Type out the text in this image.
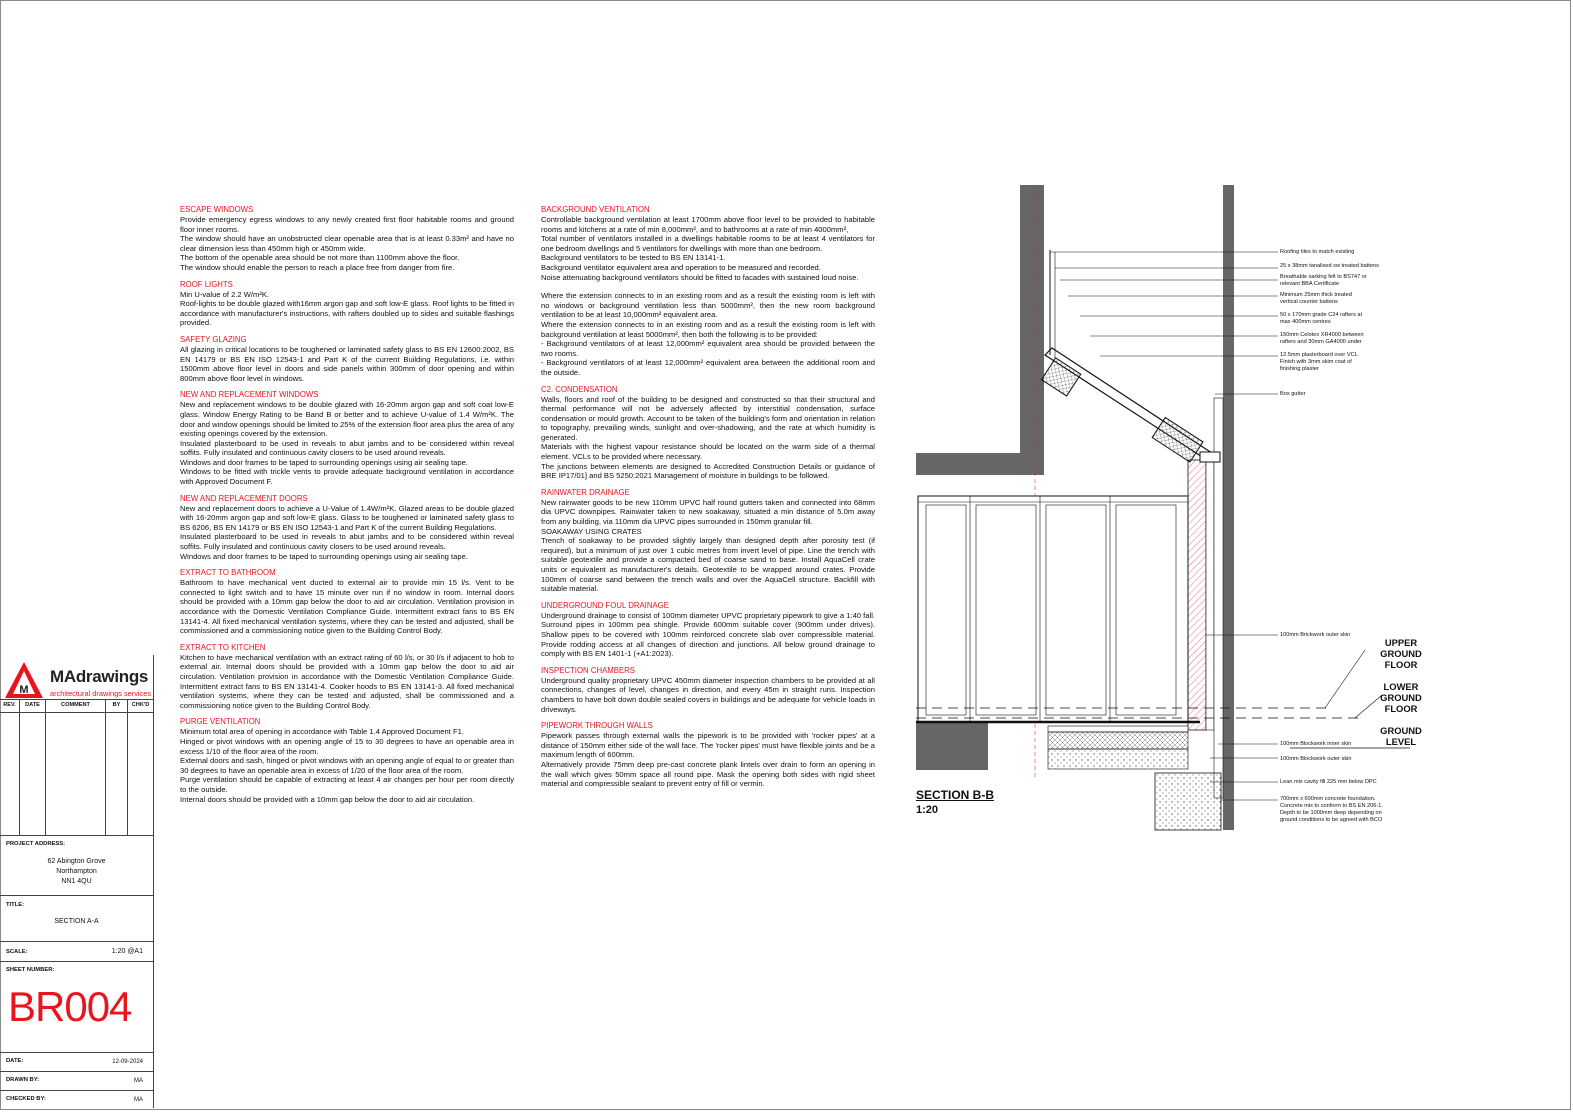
ESCAPE WINDOWS

Provide emergency egress windows to any newly created first floor habitable rooms and ground floor inner rooms.

The window should have an unobstructed clear openable area that is at least 0.33m² and have no clear dimension less than 450mm high or 450mm wide.

The bottom of the openable area should be not more than 1100mm above the floor.

The window should enable the person to reach a place free from danger from fire.

ROOF LIGHTS

Min U-value of 2.2 W/m²K.

Roof-lights to be double glazed with16mm argon gap and soft low-E glass. Roof lights to be fitted in accordance with manufacturer's instructions, with rafters doubled up to sides and suitable flashings provided.

SAFETY GLAZING

All glazing in critical locations to be toughened or laminated safety glass to BS EN 12600:2002, BS EN 14179 or BS EN ISO 12543-1 and Part K of the current Building Regulations, i.e. within 1500mm above floor level in doors and side panels within 300mm of door opening and within 800mm above floor level in windows.

NEW AND REPLACEMENT WINDOWS

New and replacement windows to be double glazed with 16-20mm argon gap and soft coat low-E glass. Window Energy Rating to be Band B or better and to achieve U-value of 1.4 W/m²K. The door and window openings should be limited to 25% of the extension floor area plus the area of any existing openings covered by the extension.

Insulated plasterboard to be used in reveals to abut jambs and to be considered within reveal soffits. Fully insulated and continuous cavity closers to be used around reveals.

Windows and door frames to be taped to surrounding openings using air sealing tape.

Windows to be fitted with trickle vents to provide adequate background ventilation in accordance with Approved Document F.

NEW AND REPLACEMENT DOORS

New and replacement doors to achieve a U-Value of 1.4W/m²K. Glazed areas to be double glazed with 16-20mm argon gap and soft low-E glass. Glass to be toughened or laminated safety glass to BS 6206, BS EN 14179 or BS EN ISO 12543-1 and Part K of the current Building Regulations.

Insulated plasterboard to be used in reveals to abut jambs and to be considered within reveal soffits. Fully insulated and continuous cavity closers to be used around reveals.

Windows and door frames to be taped to surrounding openings using air sealing tape.

EXTRACT TO BATHROOM

Bathroom to have mechanical vent ducted to external air to provide min 15 l/s. Vent to be connected to light switch and to have 15 minute over run if no window in room. Internal doors should be provided with a 10mm gap below the door to aid air circulation. Ventilation provision in accordance with the Domestic Ventilation Compliance Guide. Intermittent extract fans to BS EN 13141-4. All fixed mechanical ventilation systems, where they can be tested and adjusted, shall be commissioned and a commissioning notice given to the Building Control Body.

EXTRACT TO KITCHEN

Kitchen to have mechanical ventilation with an extract rating of 60 l/s, or 30 l/s if adjacent to hob to external air. Internal doors should be provided with a 10mm gap below the door to aid air circulation. Ventilation provision in accordance with the Domestic Ventilation Compliance Guide. Intermittent extract fans to BS EN 13141-4. Cooker hoods to BS EN 13141-3. All fixed mechanical ventilation systems, where they can be tested and adjusted, shall be commissioned and a commissioning notice given to the Building Control Body.

PURGE VENTILATION

Minimum total area of opening in accordance with Table 1.4 Approved Document F1.

Hinged or pivot windows with an opening angle of 15 to 30 degrees to have an openable area in excess 1/10 of the floor area of the room.

External doors and sash, hinged or pivot windows with an opening angle of equal to or greater than 30 degrees to have an openable area in excess of 1/20 of the floor area of the room.

Purge ventilation should be capable of extracting at least 4 air changes per hour per room directly to the outside.

Internal doors should be provided with a 10mm gap below the door to aid air circulation.

BACKGROUND VENTILATION

Controllable background ventilation at least 1700mm above floor level to be provided to habitable rooms and kitchens at a rate of min 8,000mm², and to bathrooms at a rate of min 4000mm²,

Total number of ventilators installed in a dwellings habitable rooms to be at least 4 ventilators for one bedroom dwellings and 5 ventilators for dwellings with more than one bedroom.

Background ventilators to be tested to BS EN 13141-1.

Background ventilator equivalent area and operation to be measured and recorded.

Noise attenuating background ventilators should be fitted to facades with sustained loud noise.

Where the extension connects to in an existing room and as a result the existing room is left with no windows or background ventilation less than 5000mm², then the new room background ventilation to be at least 10,000mm² equivalent area.

Where the extension connects to in an existing room and as a result the existing room is left with background ventilation at least 5000mm², then both the following is to be provided:

- Background ventilators of at least 12,000mm² equivalent area should be provided between the two rooms.

- Background ventilators of at least 12,000mm² equivalent area between the additional room and the outside.

C2. CONDENSATION

Walls, floors and roof of the building to be designed and constructed so that their structural and thermal performance will not be adversely affected by interstitial condensation, surface condensation or mould growth. Account to be taken of the building's form and orientation in relation to topography, prevailing winds, sunlight and over-shadowing, and the rate at which humidity is generated.

Materials with the highest vapour resistance should be located on the warm side of a thermal element. VCLs to be provided where necessary.

The junctions between elements are designed to Accredited Construction Details or guidance of BRE IP17/01] and BS 5250:2021 Management of moisture in buildings to be followed.

RAINWATER DRAINAGE

New rainwater goods to be new 110mm UPVC half round gutters taken and connected into 68mm dia UPVC downpipes. Rainwater taken to new soakaway, situated a min distance of 5.0m away from any building, via 110mm dia UPVC pipes surrounded in 150mm granular fill.

SOAKAWAY USING CRATES

Trench of soakaway to be provided slightly largely than designed depth after porosity test (if required), but a minimum of just over 1 cubic metres from invert level of pipe. Line the trench with suitable geotextile and provide a compacted bed of coarse sand to base. Install AquaCell crate units or equivalent as manufacturer's details. Geotextile to be wrapped around crates. Provide 100mm of coarse sand between the trench walls and over the AquaCell structure. Backfill with suitable material.

UNDERGROUND FOUL DRAINAGE

Underground drainage to consist of 100mm diameter UPVC proprietary pipework to give a 1:40 fall. Surround pipes in 100mm pea shingle. Provide 600mm suitable cover (900mm under drives). Shallow pipes to be covered with 100mm reinforced concrete slab over compressible material. Provide rodding access at all changes of direction and junctions. All below ground drainage to comply with BS EN 1401-1 (+A1:2023).

INSPECTION CHAMBERS

Underground quality proprietary UPVC 450mm diameter inspection chambers to be provided at all connections, changes of level, changes in direction, and every 45m in straight runs. Inspection chambers to have bolt down double sealed covers in buildings and be adequate for vehicle loads in driveways.

PIPEWORK THROUGH WALLS

Pipework passes through external walls the pipework is to be provided with 'rocker pipes' at a distance of 150mm either side of the wall face. The 'rocker pipes' must have flexible joints and be a maximum length of 600mm.

Alternatively provide 75mm deep pre-cast concrete plank lintels over drain to form an opening in the wall which gives 50mm space all round pipe. Mask the opening both sides with rigid sheet material and compressible sealant to prevent entry of fill or vermin.

M
MAdrawings
architectural drawings services
REV.	DATE	COMMENT	BY	CHK'D
PROJECT ADDRESS:
62 Abington Grove
Northampton
NN1 4QU
TITLE:
SECTION A-A
SCALE:	1:20 @A1
SHEET NUMBER:
BR004
DATE:	12-09-2024
DRAWN BY:	MA
CHECKED BY:	MA
Roofing tiles to match existing
25 x 38mm tanalised sw treated battens
Breathable sarking felt to BS747 or
relevant BBA Certificate
Minimum 25mm thick treated
vertical counter battens
50 x 170mm grade C24 rafters at
max 400mm centres
150mm Celotex XR4000 between
rafters and 30mm GA4000 under
12.5mm plasterboard over VCL.
Finish with 3mm skim coat of
finishing plaster
Box gutter
100mm Brickwork outer skin
100mm Blockwork inner skin
100mm Blockwork outer skin
Lean mix cavity fill 225 mm below DPC
700mm x 600mm concrete foundation.
Concrete mix to conform to BS EN 206-1.
Depth to be 1000mm deep depending on
ground conditions to be agreed with BCO
UPPER
GROUND
FLOOR
LOWER
GROUND
FLOOR
GROUND
LEVEL
SECTION B-B
1:20
